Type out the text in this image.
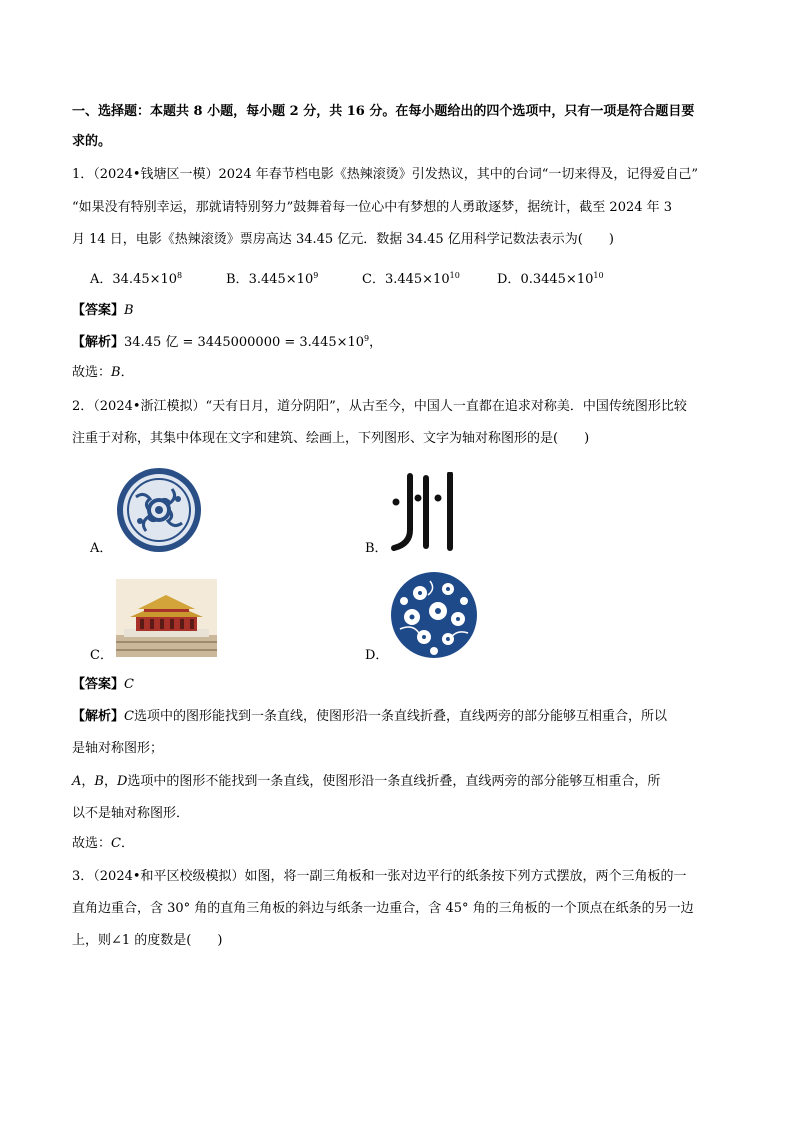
一、选择题：本题共 8 小题，每小题 2 分，共 16 分。在每小题给出的四个选项中，只有一项是符合题目要
求的。
1．（2024•钱塘区一模）2024 年春节档电影《热辣滚烫》引发热议，其中的台词“一切来得及，记得爱自己”
“如果没有特别幸运，那就请特别努力”鼓舞着每一位心中有梦想的人勇敢逐梦，据统计，截至 2024 年 3
月 14 日，电影《热辣滚烫》票房高达 34.45 亿元．数据 34.45 亿用科学记数法表示为(　　)
A．$34.45\times 10^8$	B．$3.445\times 10^9$	C．$3.445\times 10^{10}$	D．$0.3445\times 10^{10}$
【答案】B
【解析】34.45 亿 = $3445000000 = 3.445\times 10^9$，
故选：B．
2．（2024•浙江模拟）“天有日月，道分阴阳”，从古至今，中国人一直都在追求对称美．中国传统图形比较
注重于对称，其集中体现在文字和建筑、绘画上，下列图形、文字为轴对称图形的是(　　)
A．
州
B．
C．	D．
【答案】C
【解析】C选项中的图形能找到一条直线，使图形沿一条直线折叠，直线两旁的部分能够互相重合，所以
是轴对称图形；
A，B，D选项中的图形不能找到一条直线，使图形沿一条直线折叠，直线两旁的部分能够互相重合，所
以不是轴对称图形．
故选：C．
3．（2024•和平区校级模拟）如图，将一副三角板和一张对边平行的纸条按下列方式摆放，两个三角板的一
直角边重合，含 30° 角的直角三角板的斜边与纸条一边重合，含 45° 角的三角板的一个顶点在纸条的另一边
上，则∠1 的度数是(　　)
